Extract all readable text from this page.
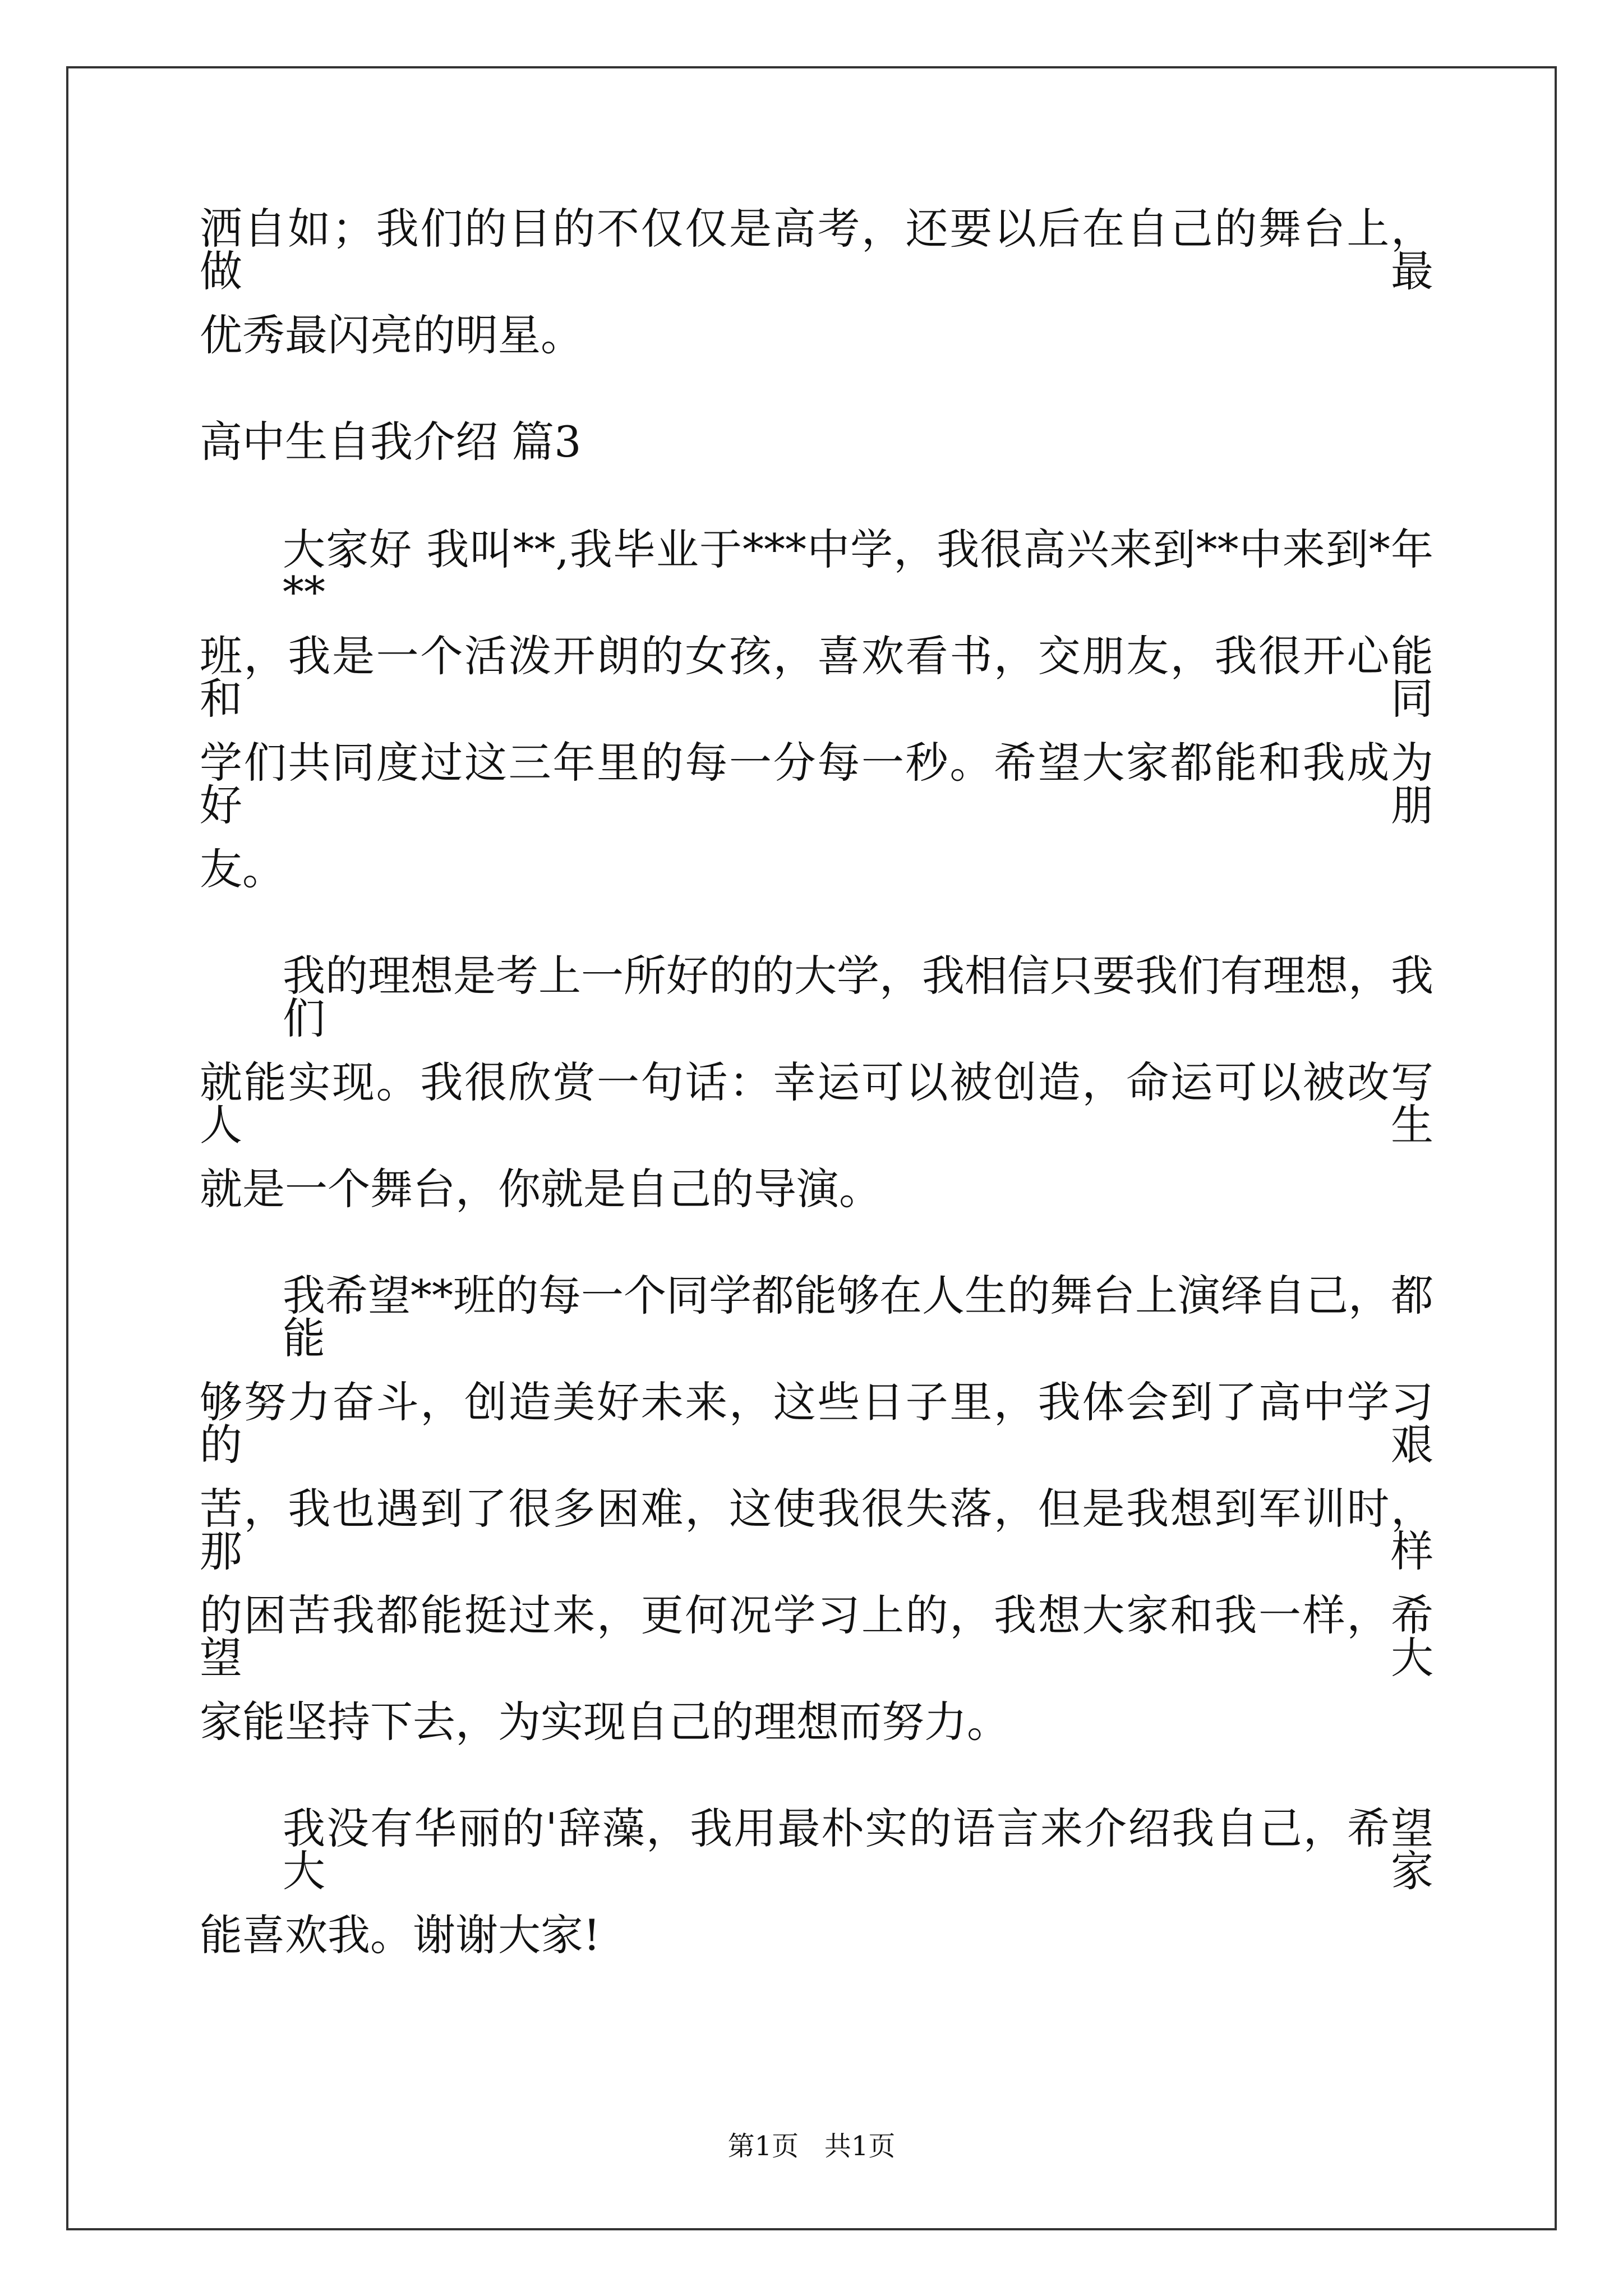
洒自如；我们的目的不仅仅是高考，还要以后在自己的舞台上，做最
优秀最闪亮的明星。
高中生自我介绍 篇3
大家好 我叫**,我毕业于***中学，我很高兴来到**中来到*年**
班，我是一个活泼开朗的女孩，喜欢看书，交朋友，我很开心能和同
学们共同度过这三年里的每一分每一秒。希望大家都能和我成为好朋
友。
我的理想是考上一所好的的大学，我相信只要我们有理想，我们
就能实现。我很欣赏一句话：幸运可以被创造，命运可以被改写人生
就是一个舞台，你就是自己的导演。
我希望**班的每一个同学都能够在人生的舞台上演绎自己，都能
够努力奋斗，创造美好未来，这些日子里，我体会到了高中学习的艰
苦，我也遇到了很多困难，这使我很失落，但是我想到军训时，那样
的困苦我都能挺过来，更何况学习上的，我想大家和我一样，希望大
家能坚持下去，为实现自己的理想而努力。
我没有华丽的'辞藻，我用最朴实的语言来介绍我自己，希望大家
能喜欢我。谢谢大家!
第1页 共1页
